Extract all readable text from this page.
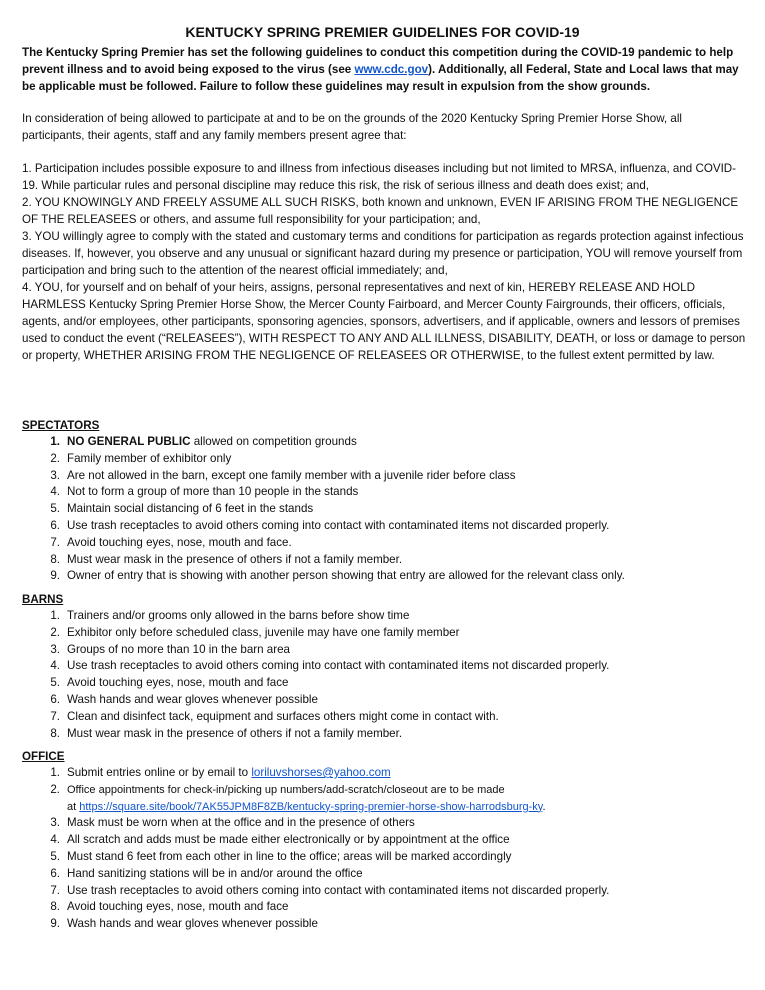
KENTUCKY SPRING PREMIER GUIDELINES FOR COVID-19
The Kentucky Spring Premier has set the following guidelines to conduct this competition during the COVID-19 pandemic to help prevent illness and to avoid being exposed to the virus (see www.cdc.gov). Additionally, all Federal, State and Local laws that may be applicable must be followed. Failure to follow these guidelines may result in expulsion from the show grounds.
In consideration of being allowed to participate at and to be on the grounds of the 2020 Kentucky Spring Premier Horse Show, all participants, their agents, staff and any family members present agree that:

1. Participation includes possible exposure to and illness from infectious diseases including but not limited to MRSA, influenza, and COVID-19. While particular rules and personal discipline may reduce this risk, the risk of serious illness and death does exist; and,

2. YOU KNOWINGLY AND FREELY ASSUME ALL SUCH RISKS, both known and unknown, EVEN IF ARISING FROM THE NEGLIGENCE OF THE RELEASEES or others, and assume full responsibility for your participation; and,

3. YOU willingly agree to comply with the stated and customary terms and conditions for participation as regards protection against infectious diseases. If, however, you observe and any unusual or significant hazard during my presence or participation, YOU will remove yourself from participation and bring such to the attention of the nearest official immediately; and,

4. YOU, for yourself and on behalf of your heirs, assigns, personal representatives and next of kin, HEREBY RELEASE AND HOLD HARMLESS Kentucky Spring Premier Horse Show, the Mercer County Fairboard, and Mercer County Fairgrounds, their officers, officials, agents, and/or employees, other participants, sponsoring agencies, sponsors, advertisers, and if applicable, owners and lessors of premises used to conduct the event (“RELEASEES”), WITH RESPECT TO ANY AND ALL ILLNESS, DISABILITY, DEATH, or loss or damage to person or property, WHETHER ARISING FROM THE NEGLIGENCE OF RELEASEES OR OTHERWISE, to the fullest extent permitted by law.

SPECTATORS
1. NO GENERAL PUBLIC allowed on competition grounds
2. Family member of exhibitor only
3. Are not allowed in the barn, except one family member with a juvenile rider before class
4. Not to form a group of more than 10 people in the stands
5. Maintain social distancing of 6 feet in the stands
6. Use trash receptacles to avoid others coming into contact with contaminated items not discarded properly.
7. Avoid touching eyes, nose, mouth and face.
8. Must wear mask in the presence of others if not a family member.
9. Owner of entry that is showing with another person showing that entry are allowed for the relevant class only.
BARNS
1. Trainers and/or grooms only allowed in the barns before show time
2. Exhibitor only before scheduled class, juvenile may have one family member
3. Groups of no more than 10 in the barn area
4. Use trash receptacles to avoid others coming into contact with contaminated items not discarded properly.
5. Avoid touching eyes, nose, mouth and face
6. Wash hands and wear gloves whenever possible
7. Clean and disinfect tack, equipment and surfaces others might come in contact with.
8. Must wear mask in the presence of others if not a family member.
OFFICE
1. Submit entries online or by email to loriluvshorses@yahoo.com
2. Office appointments for check-in/picking up numbers/add-scratch/closeout are to be made
at https://square.site/book/7AK55JPM8F8ZB/kentucky-spring-premier-horse-show-harrodsburg-ky.
3. Mask must be worn when at the office and in the presence of others
4. All scratch and adds must be made either electronically or by appointment at the office
5. Must stand 6 feet from each other in line to the office; areas will be marked accordingly
6. Hand sanitizing stations will be in and/or around the office
7. Use trash receptacles to avoid others coming into contact with contaminated items not discarded properly.
8. Avoid touching eyes, nose, mouth and face
9. Wash hands and wear gloves whenever possible
